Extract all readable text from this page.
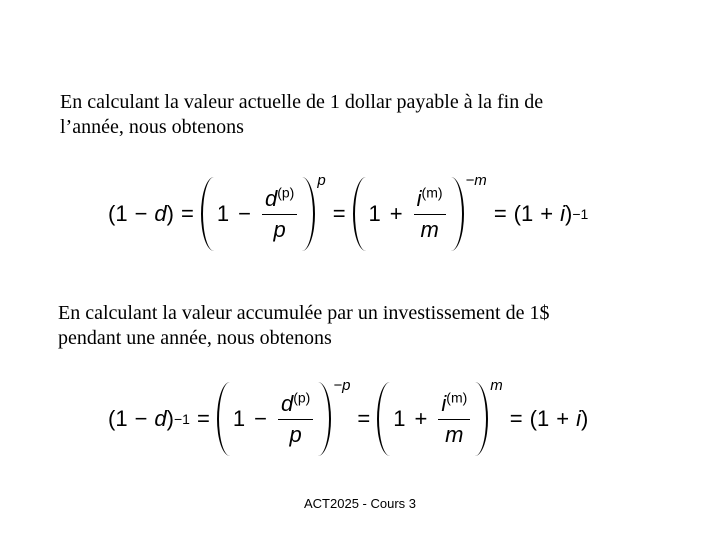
En calculant la valeur actuelle de 1 dollar payable à la fin de
l’année, nous obtenons

(1 − d ) = $1 - \frac{d^{(p)}}{p}$
p
= $1 + \frac{i^{(m)}}{m}$
−m
= (1 + i ) −1

En calculant la valeur accumulée par un investissement de 1$
pendant une année, nous obtenons

(1 − d ) $-1 = 1 - \frac{d^{(p)}}{p}$
−p
= $1 + \frac{i^{(m)}}{m}$
m
= (1 + i )
ACT2025 - Cours 3
